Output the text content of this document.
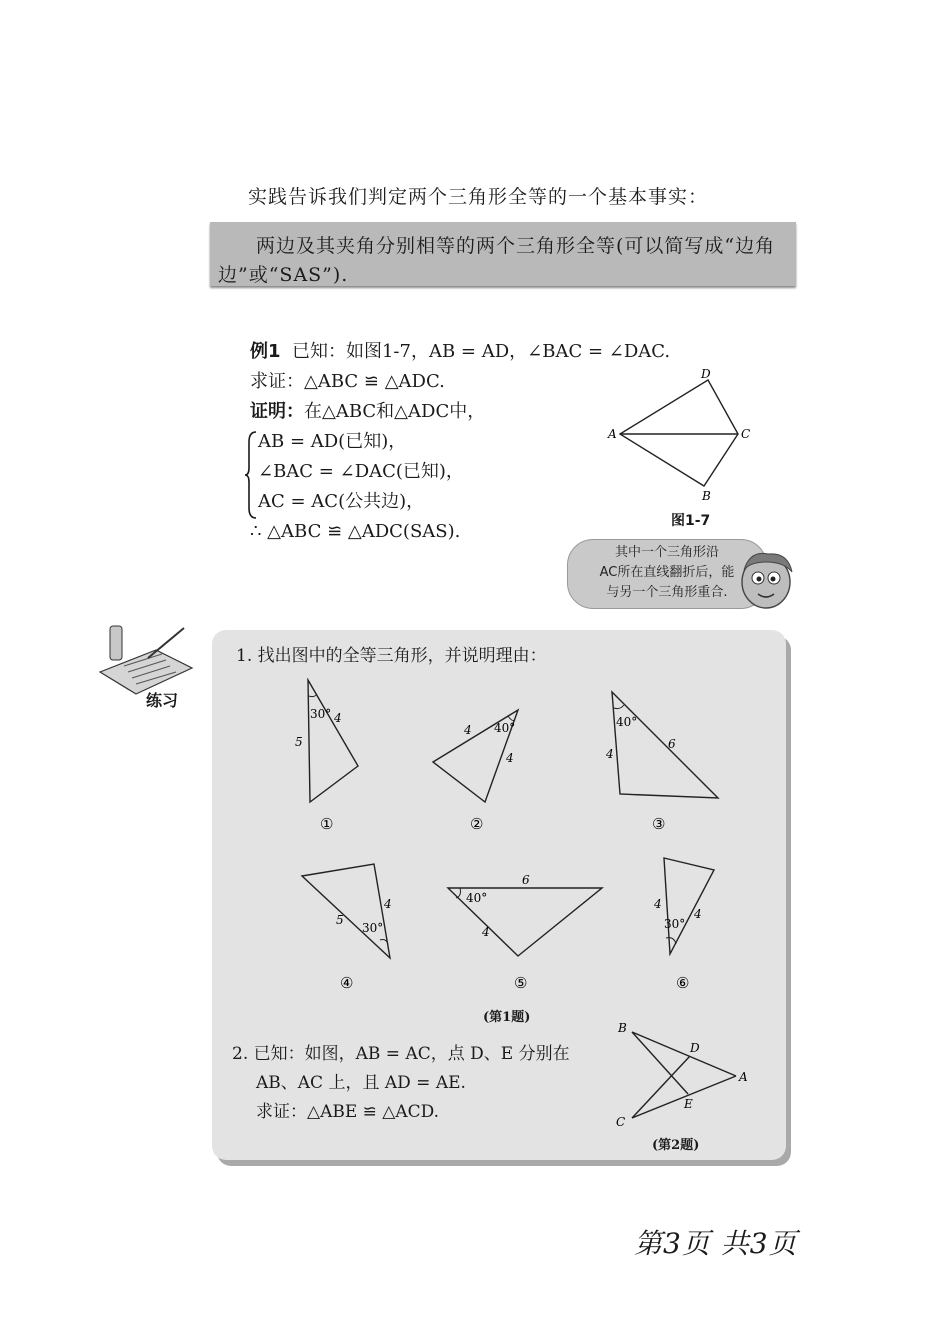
实践告诉我们判定两个三角形全等的一个基本事实：
两边及其夹角分别相等的两个三角形全等(可以简写成“边角
边”或“SAS”).
例1 已知：如图1-7，AB = AD，∠BAC = ∠DAC.
求证：△ABC ≌ △ADC.
证明：在△ABC和△ADC中，
AB = AD(已知)，
∠BAC = ∠DAC(已知)，
AC = AC(公共边)，
∴ △ABC ≌ △ADC(SAS).
A
D
C
B
图1-7
其中一个三角形沿
AC所在直线翻折后，能
与另一个三角形重合.
练习
1. 找出图中的全等三角形，并说明理由：
30° 4
5
①
40°
4
4
②
40°
4
6
③
30°
5
4
④
40°
6
4
⑤
30°
4
4
⑥
(第1题)
2. 已知：如图，AB = AC，点 D、E 分别在
AB、AC 上，且 AD = AE.
求证：△ABE ≌ △ACD.
B
D
A
E
C
(第2题)
第3页 共3页
